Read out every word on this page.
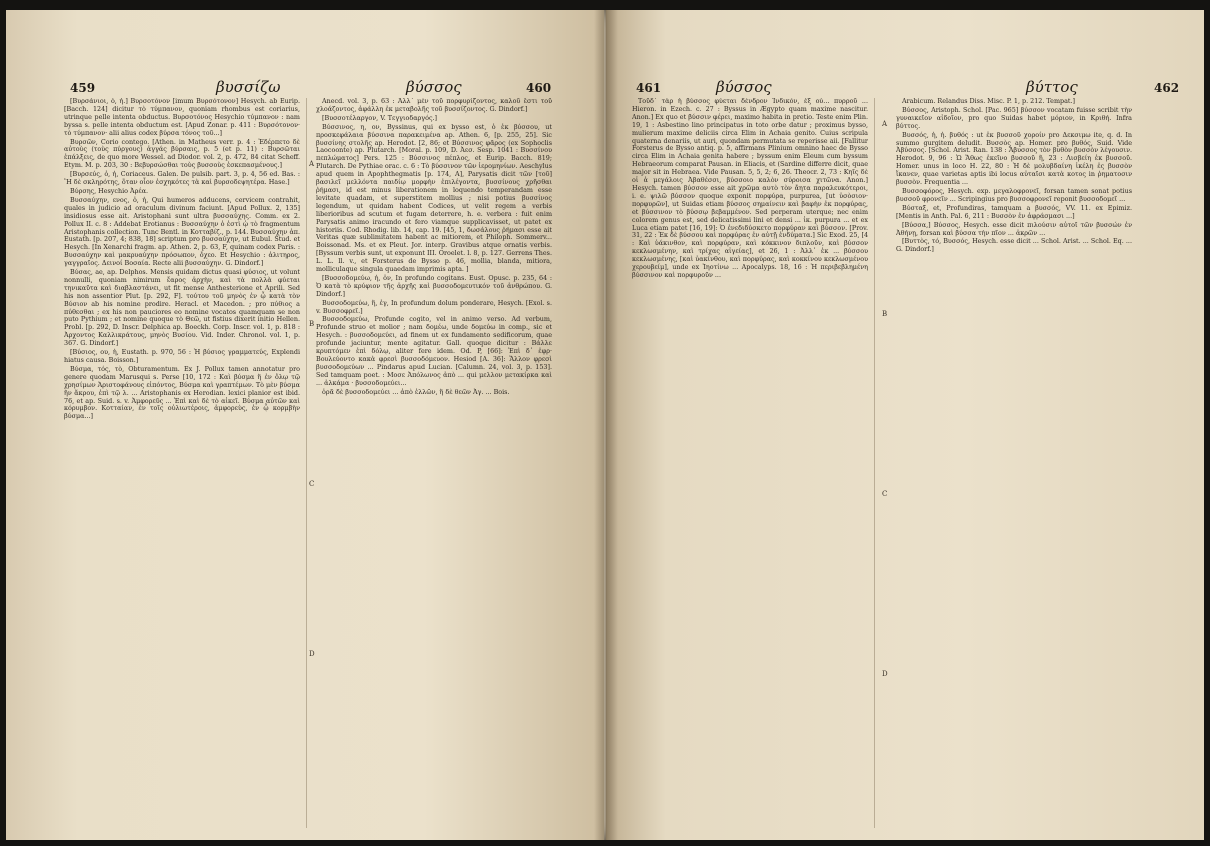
459	βυσσίζω	βύσσος	460

[Βυρσάνιοι, ὁ, ἡ.] Βυρσοτόνον [imum Βυρσότονον] Hesych. ab Eurip. [Bacch. 124] dicitur τὸ τύμπανον, quoniam rhombus est coriarius, utrinque pelle intenta obductus. Βυρσοτόνος Hesychio τύμπανον : nam byssa s. pelle intenta obductum est. [Apud Zonar. p. 411 : Βυρσότονον· τὸ τύμπανον· alii alius codex βύρσα τόνος τοῦ...]

Βυρσῶν, Corio contego. [Athen. in Matheus verr. p. 4 : Ἐδέρπετο δὲ αὐτοὺς (τοὺς πύργους) ἀγγάς βύρσαις, p. 5 (et p. 11) : Βυρσῶται ἐπάλξεις, de quo more Wessel. ad Diodor. vol. 2, p. 472, 84 citat Scheff. Etym. M. p. 203, 30 : Βεβυρσώσθαι τοὺς βυσσοὺς ἐσκεπασμένους.]

[Βυρσεύς, ὁ, ἡ, Coriaceus. Galen. De pulsib. part. 3, p. 4, 56 ed. Bas. : Ἢ δὲ σκληρότης, ὅταν οἷον ἐσχηκότες τὰ καὶ βυρσοδεψητέρα. Hase.]

Βύρσης, Hesychio Ἀρέα.

Βυσσαύχην, ενος, ὁ, ἡ, Qui humeros adducens, cervicem contrahit, quales in judicio ad oraculum divinum faciunt. [Apud Pollux. 2, 135] insidiosus esse ait. Aristophani sunt ultra βυσσαύχης. Comm. ex 2. Pollux II. c. 8 : Addebat Erotianus : Βυσσαύχην ὁ ἐστὶ ᾠ τὸ fragmentum Aristophanis collection. Tunc Bentl. in Κοτταβίζ., p. 144. Βυσσαύχην ἀπ. Eustath. [p. 207, 4; 838, 18] scriptum pro βυσσαύχην, ut Eubul. Stud. et Hesych. [In Xenarchi fragm. ap. Athen. 2, p. 63, F, quinam codex Paris. : Βυσσαύχην καὶ μακρυαύχην πρόσωπον, ὄχεο. Et Hesychio : ἀλιτηρος, γαγγραῖος. Δεινοί Βοσαία. Recte alii βυσσαύχην. G. Dindorf.]

Βύσας, ae, ap. Delphos. Mensis quidam dictus quasi φύσιος, ut volunt nonnulli, quoniam nimirum ἔαρος ἀρχὴν, καὶ τὰ πολλὰ φύεται τηνικαῦτα καὶ διαβλαστάνει, ut fit mense Anthesterione et Aprili. Sed his non assentior Plut. [p. 292, F]. τούτου τοῦ μηνὸς ἐν ᾧ κατὰ τὸν Βύσιον ab his nomine prodire. Heracl. et Macedon. ; pro πύθιος a πύθεσθαι ; ex his non pauciores eo nomine vocatos quamquam se non puto Pythium ; et nomine quoque τὸ Θεῶ, ut fistius dixerit initio Hellen. Probl. [p. 292, D. Inscr. Delphica ap. Boeckh. Corp. Inscr. vol. 1, p. 818 : Ἀρχοντος Καλλικράτους, μηνὸς Βυσίου. Vid. Inder. Chronol. vol. 1, p. 367. G. Dindorf.]

[Βύσιος, ου, ἡ, Eustath. p. 970, 56 : Ἡ βύσιος γραμματεύς, Explendi hiatus causa. Boisson.]

Βύσμα, τός, τὸ, Obturamentum. Ex J. Pollux tamen annotatur pro genere quodam Marusqui s. Perse [10, 172 : Καὶ βύσμα ἢ ἐν ὄλῳ τῷ χρησίμων Ἀριστοφάνους εἰπόντος, Βύσμα καὶ γραπτέμων. Τὸ μὲν βύσμα ἢν ἄκρου, ἐπὶ τῷ λ. ... Aristophanis ex Herodian. lexici planior est ibid. 76, et ap. Suid. s. v. Ἀμφορεῦς ... Ἐπὶ καὶ δὲ τὸ αἰκεῖ. Βύσμα αὐτῶν καὶ κόρυμβον. Κοτταίαν, ἐν τοῖς οὐλιωτέροις, ἀμφορεὺς, ἐν ᾧ κορμβὴν βύσμα...]

Anecd. vol. 3, p. 63 : Ἀλλ᾽ μὲν τοῦ πορφυρίζοντος, καλοῦ ἔστι τοῦ χλοάζοντος, ἀφάλλη ἐκ μεταβολῆς τοῦ βυσσίζοντος. G. Dindorf.]

[Βυσσοτέλαργον, V. Τεγγιοδαργός.]

Βύσσινος, η, ον, Byssinus, qui ex bysso est, ὁ ἐκ βύσσου, ut προσκεφάλαια βύσσινα παρακειμένα ap. Athen. 6, [p. 255, 25]. Sic βυσσίνης στολῆς ap. Herodot. [2, 86; et Βύσσινος φᾶρος (ex Sophoclis Laocoonte) ap. Plutarch. [Moral. p. 109, D. Ἀεσ. Sesp. 1041 : Βυσσίνου πεπλώματος] Pers. 125 : Βύσσινος πέπλος, et Eurip. Bacch. 819; Plutarch. De Pythiae orac. c. 6 : Τὸ βύσσινον τῶν ἱερομηνίων. Aeschylus apud quem in Apophthegmatis [p. 174, A], Parysatis dicit τῶν [τοῦ] βασιλεῖ μελλόντα παιδίῳ μορφὴν ἐπιλέγοντα, βυσσίνους χρῆσθαι ῥήμασι, id est minus liberationem in loquendo temperandam esse levitate quadam, et superstitem mollius ; nisi potius βυσσίνος legendum, ut quidam habent Codices, ut velit regem a verbis liberioribus ad scutum et fugam deterrere, h. e. verbera : fuit enim Parysatis animo iracundo et fero viamque supplicavisset, ut patet ex historiis. Cod. Rhodig. lib. 14, cap. 19. [45, 1, δωσάλους ῥήμασι esse ait Veritas quæ sublimitatem habent ac mitiorem, et Philoph. Sommerv... Boissonad. Ms. et ex Pleut. Jor. interp. Gravibus atque ornatis verbis. [Byssum verbis sunt, ut exponunt III. Oroelet. l. 8, p. 127. Gerrens Thes. L. L. ll. v., et Forsterus de Bysso p. 46, mollia, blanda, mitiora, molliculaque singula quaedam imprimis apta. ]

[Βυσσοδομεύω, ἡ, ὁν, In profundo cogitans. Eust. Opusc. p. 235, 64 : Ὁ κατὰ τὸ κρύφιον τῆς ἀρχῆς καὶ βυσσοδομευτικόν τοῦ ἀνθρώπου. G. Dindorf.]

Βυσσοδομεύω, ἢ, ἐγ, In profundum dolum ponderare, Hesych. [Exol. s. v. Βυσσοφρεῖ.]

Βυσσοδομεύω, Profunde cogito, vel in animo verso. Ad verbum, Profunde struo et molior ; nam δομέω, unde δομεύω in comp., sic et Hesych. : βυσσοδομεύει, ad finem ut ex fundamento sedificorum, quae profunde jaciuntur, mente agitatur. Gall. quoque dicitur : Βάλλε κρυπτόμεν ἐπὶ δόλῳ, aliter fere idem. Od. P, [66]: Ἐπὶ δ᾽ ἐφρ· Βουλεύοντο κακὰ φρεσὶ βυσσοδόμευον. Hesiod [A. 36]: Ἄλλον φρεσὶ βυσσοδομεύων ... Pindarus apud Lucian. [Calumn. 24, vol. 3, p. 153]. Sed tamquam poet. : Μοσε Ἀπόλωνος ἀπὸ ... qui μελλον μετακίρκα καὶ ... ἀλκάμα · βυσσοδομεύει...

ὁρᾶ δὲ βυσσοδομεύει ... ἀπὸ ἐλλῶν, ἢ δὲ θεῶν Ἀγ. ... Bois.

A
B
C
D
461	βύσσος	βύττος	462

Τοῦδ᾽ τὰρ ἡ βύσσος φύεται δένδρον Ἰνδικόν, ἐξ οὗ... πυρροῦ ... Hieron. in Ezech. c. 27 : Byssus in Ægypto quam maxime nascitur. Anon.] Ex quo et βύσσιν φέρει, maximo habita in pretio. Teste enim Plin. 19, 1 : Asbestino lino principatus in toto orbe datur ; proximus bysso, mulierum maxime deliciis circa Elim in Achaia genito. Cuius scripula quaterna denariis, ut auri, quondam permutata se reperisse aii. [Fallitur Forsterus de Bysso antiq. p. 5, affirmans Plinium omnino haec de Bysso circa Elim in Achaia genita habere ; byssum enim Eleum cum byssum Hebraeorum comparat Pausan. in Eliacis, et (Sardine differre dicit, quae major sit in Hebraea. Vide Pausan. 5, 5, 2; 6, 26. Theocr. 2, 73 : Κηῖς δὲ οἱ ἁ μεγάλοις Ἀβαθέσσι, βύσσοιο καλὸν σύροισα χιτῶνα. Anon.] Hesych. tamen βύσσον esse ait χρῶμα αυτὸ τὸν ἄητα παραλευκότεροι, i. e. ψιλῶ βύσσον quoque exponit πορφύρα, purpurea, [ut ὑσὸσιον· πορφυρῶν], ut Suidas etiam βύσσος σημαίνειν καὶ βαφὴν ἐκ πορφύρας, et βύσσινον τὸ βύσσῳ βεβαμμένον. Sed perperam uterque; nec enim colorem genus est, sed delicatissimi lini et densi ... ἱκ. purpura ... et ex Luca etiam patet [16, 19]: Ὁ ἐνεδιδύσκετο πορφύραν καὶ βύσσον. [Prov. 31, 22 : Ἐκ δὲ βύσσου καὶ πορφύρας ἐν αὐτῇ ἐνδύματα.] Sic Exod. 25, [4 : Καὶ ὑάκινθον, καὶ πορφύραν, καὶ κόκκινον διπλοῦν, καὶ βύσσον κεκλωσμένην, καὶ τρίχας αἰγείας], et 26, 1 : Ἀλλ᾽ ἐκ ... βύσσου κεκλωσμένης, [καὶ ὑακίνθου, καὶ πορφύρας, καὶ κοκκίνου κεκλωσμένου χερουβείμ], unde ex Ἰηοτίνω ... Apocalyps. 18, 16 : Ἡ περιβεβλημένη βύσσινον καὶ πορφυροῦν ...

Arabicum. Relandus Diss. Misc. P. 1, p. 212. Tempat.]

Βύσσος, Aristoph. Schol. [Pac. 965] βύσσον vocatam fuisse scribit τὴν γυναικεῖον αἰδοῖον, pro quo Suidas habet μόριον, in Κριθή. Infra βύττος.

Βυσσός, ἡ, ἡ. βυθός : ut ἐκ βυσσοῦ χοροίν pro Δεκσιμω ite, q. d. In summo gurgitem deludit. Βυσσὸς ap. Homer. pro βυθός, Suid. Vide Ἀβύσσος. [Schol. Arist. Ran. 138 : Ἄβυσσος τὸν βυθὸν βυσσὸν λέγουσιν. Herodot. 9, 96 : Ὡ Ἄθως ἐκεῖνο βυσσοῦ ἢ, 23 : Λισβείη ἐκ βυσσοῦ. Homer. unus in loco H. 22, 80 : Ἡ δὲ μολυβδαίνη ἰκέλη ἐς βυσσὸν ἵκανεν, quae varietas aptis ibi locus αὐταῖσι κατὰ κοτος in ῥηματοσιν βυσσὸν. Frequentia ...

Βυσσοφόρος, Hesych. exp. μεγαλοφρονεῖ, forsan tamen sonat potius βυσσοῦ φρονεῖν ... Scripingius pro βυσσοφρονεῖ reponit βυσσοδομεῖ ...

Βύσταξ, et, Profundiras, tamquam a βυσσός, VV. 11. ex Epimiz. [Mentis in Anth. Pal. 6, 211 : Βυσσὸν ἐν ἀφράσμασι ...]

[Βύσσα,] Βύσσος, Hesych. esse dicit πιλούσιν αὐτοῖ τῶν βυσσών ἐν Ἀθήνῃ, forsan καὶ βύσσα τὴν πῖον ... ἀκρῶν ...

[Βυττὸς, τό, Βυσσός, Hesych. esse dicit ... Schol. Arist. ... Schol. Eq. ... G. Dindorf.]

A
B
C
D
